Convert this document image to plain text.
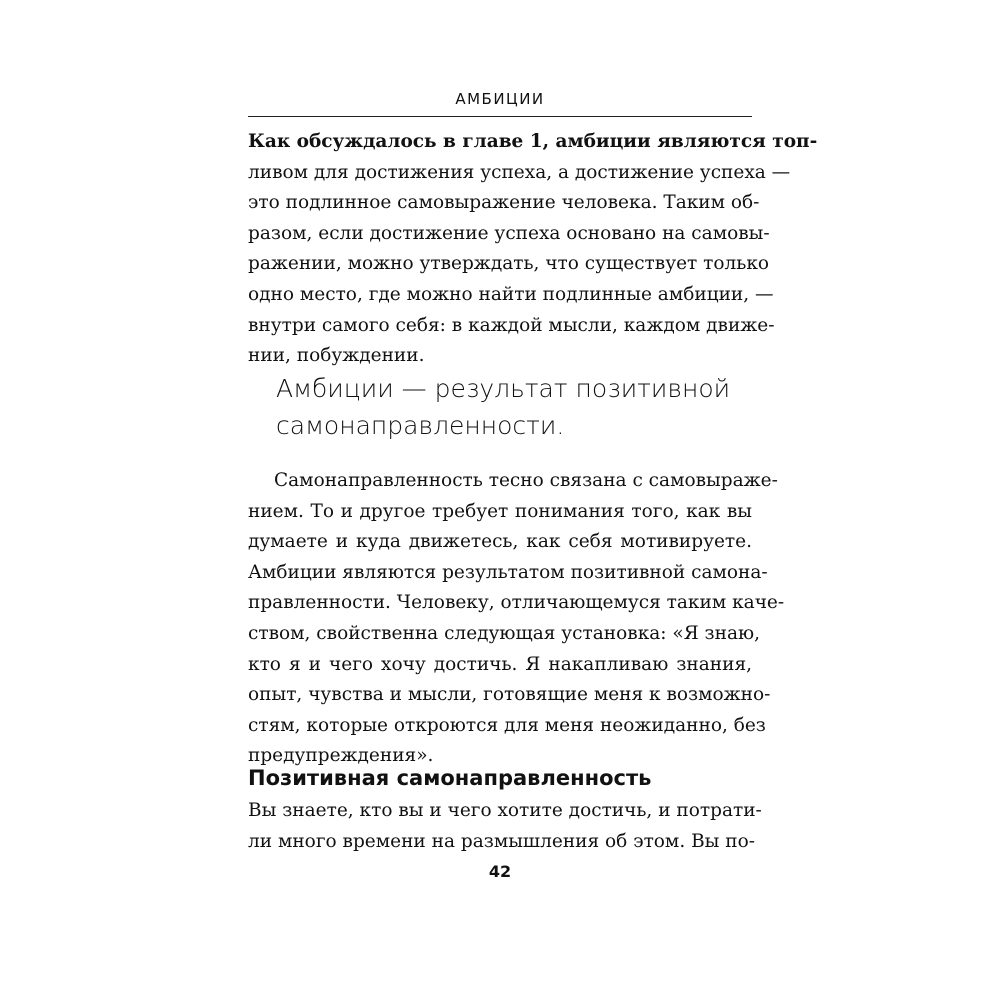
АМБИЦИИ
Как обсуждалось в главе 1, амбиции являются топ-
ливом для достижения успеха, а достижение успеха —
это подлинное самовыражение человека. Таким об-
разом, если достижение успеха основано на самовы-
ражении, можно утверждать, что существует только
одно место, где можно найти подлинные амбиции, —
внутри самого себя: в каждой мысли, каждом движе-
нии, побуждении.
Амбиции — результат позитивной
самонаправленности.
Самонаправленность тесно связана с самовыраже-
нием. То и другое требует понимания того, как вы
думаете и куда движетесь, как себя мотивируете.
Амбиции являются результатом позитивной самона-
правленности. Человеку, отличающемуся таким каче-
ством, свойственна следующая установка: «Я знаю,
кто я и чего хочу достичь. Я накапливаю знания,
опыт, чувства и мысли, готовящие меня к возможно-
стям, которые откроются для меня неожиданно, без
предупреждения».
Позитивная самонаправленность
Вы знаете, кто вы и чего хотите достичь, и потрати-
ли много времени на размышления об этом. Вы по-
42
